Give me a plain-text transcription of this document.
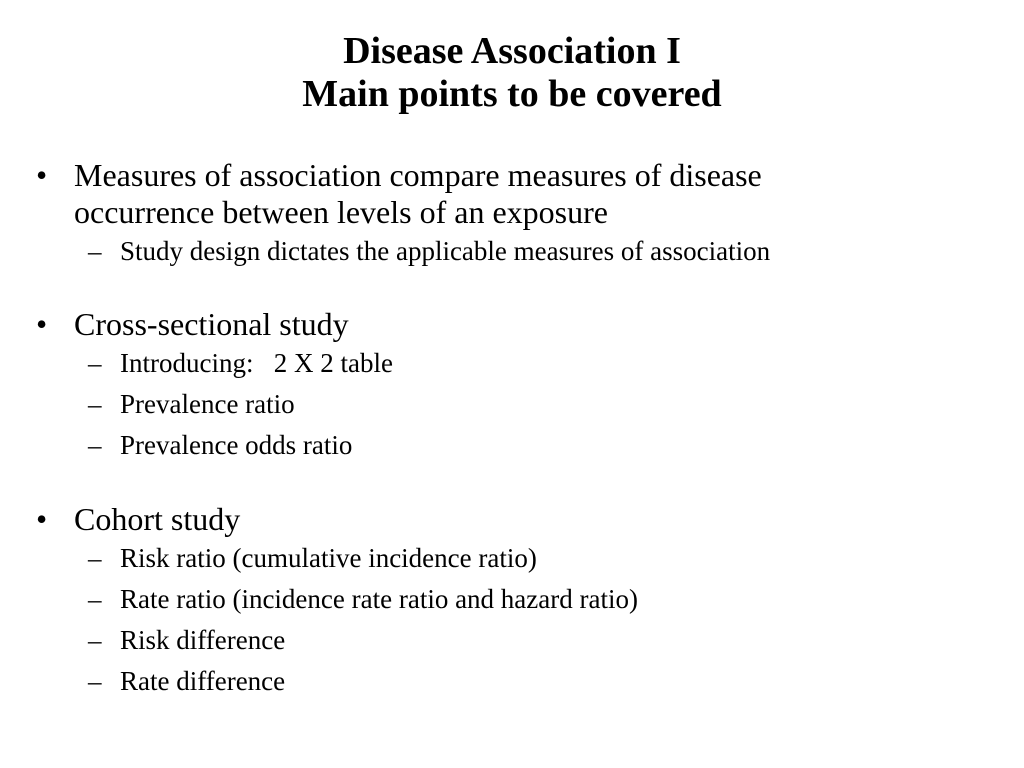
Disease Association I
Main points to be covered
• Measures of association compare measures of disease
occurrence between levels of an exposure
– Study design dictates the applicable measures of association
• Cross-sectional study
– Introducing:   2 X 2 table
– Prevalence ratio
– Prevalence odds ratio
• Cohort study
– Risk ratio (cumulative incidence ratio)
– Rate ratio (incidence rate ratio and hazard ratio)
– Risk difference
– Rate difference
